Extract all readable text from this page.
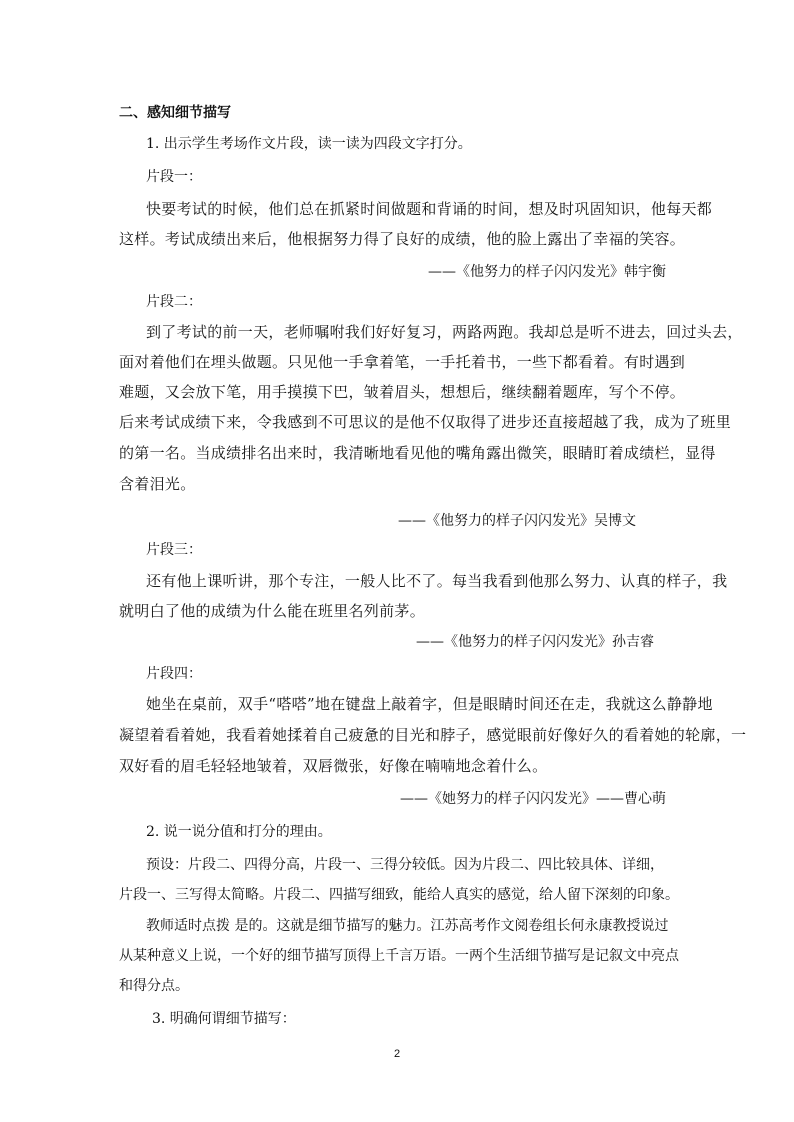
二、感知细节描写
1. 出示学生考场作文片段，读一读为四段文字打分。
片段一：
快要考试的时候，他们总在抓紧时间做题和背诵的时间，想及时巩固知识，他每天都
这样。考试成绩出来后，他根据努力得了良好的成绩，他的脸上露出了幸福的笑容。
——《他努力的样子闪闪发光》韩宇衡
片段二：
到了考试的前一天，老师嘱咐我们好好复习，两路两跑。我却总是听不进去，回过头去，
面对着他们在埋头做题。只见他一手拿着笔，一手托着书，一些下都看着。有时遇到
难题，又会放下笔，用手摸摸下巴，皱着眉头，想想后，继续翻着题库，写个不停。
后来考试成绩下来，令我感到不可思议的是他不仅取得了进步还直接超越了我，成为了班里
的第一名。当成绩排名出来时，我清晰地看见他的嘴角露出微笑，眼睛盯着成绩栏，显得
含着泪光。
——《他努力的样子闪闪发光》吴博文
片段三：
还有他上课听讲，那个专注，一般人比不了。每当我看到他那么努力、认真的样子，我
就明白了他的成绩为什么能在班里名列前茅。
——《他努力的样子闪闪发光》孙吉睿
片段四：
她坐在桌前，双手“嗒嗒”地在键盘上敲着字，但是眼睛时间还在走，我就这么静静地
凝望着看着她，我看着她揉着自己疲惫的目光和脖子，感觉眼前好像好久的看着她的轮廓，一
双好看的眉毛轻轻地皱着，双唇微张，好像在喃喃地念着什么。
——《她努力的样子闪闪发光》——曹心萌
2. 说一说分值和打分的理由。
预设：片段二、四得分高，片段一、三得分较低。因为片段二、四比较具体、详细，
片段一、三写得太简略。片段二、四描写细致，能给人真实的感觉，给人留下深刻的印象。
教师适时点拨 是的。这就是细节描写的魅力。江苏高考作文阅卷组长何永康教授说过
从某种意义上说，一个好的细节描写顶得上千言万语。一两个生活细节描写是记叙文中亮点
和得分点。
3. 明确何谓细节描写：
2
